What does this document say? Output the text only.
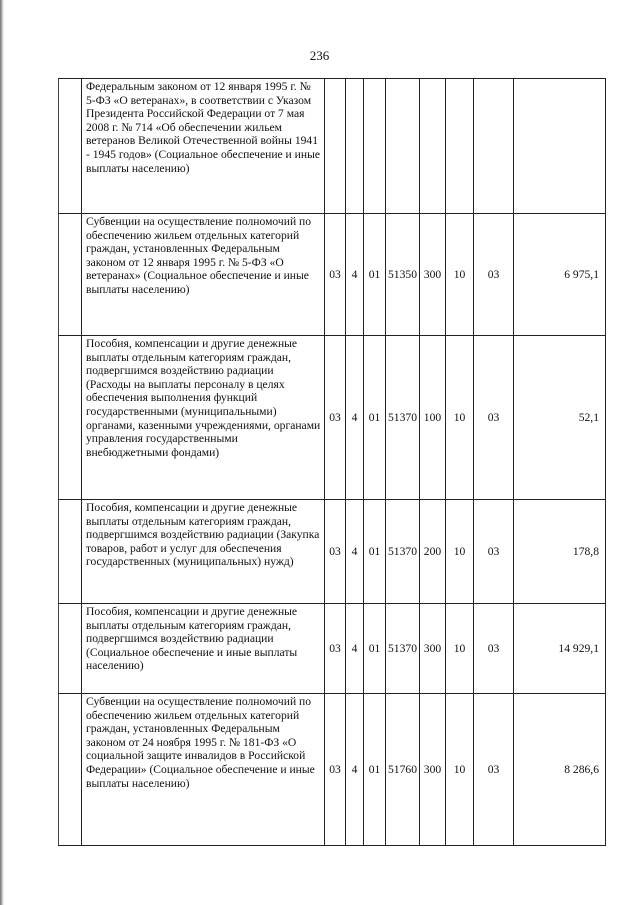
236
	Федеральным законом от 12 января 1995 г. № 5-ФЗ «О ветеранах», в соответствии с Указом Президента Российской Федерации от 7 мая 2008 г. № 714 «Об обеспечении жильем ветеранов Великой Отечественной войны 1941 - 1945 годов» (Социальное обеспечение и иные выплаты населению)								
	Субвенции на осуществление полномочий по обеспечению жильем отдельных категорий граждан, установленных Федеральным законом от 12 января 1995 г. № 5-ФЗ «О ветеранах» (Социальное обеспечение и иные выплаты населению)	03	4	01	51350	300	10	03	6 975,1
	Пособия, компенсации и другие денежные выплаты отдельным категориям граждан, подвергшимся воздействию радиации (Расходы на выплаты персоналу в целях обеспечения выполнения функций государственными (муниципальными) органами, казенными учреждениями, органами управления государственными внебюджетными фондами)	03	4	01	51370	100	10	03	52,1
	Пособия, компенсации и другие денежные выплаты отдельным категориям граждан, подвергшимся воздействию радиации (Закупка товаров, работ и услуг для обеспечения государственных (муниципальных) нужд)	03	4	01	51370	200	10	03	178,8
	Пособия, компенсации и другие денежные выплаты отдельным категориям граждан, подвергшимся воздействию радиации (Социальное обеспечение и иные выплаты населению)	03	4	01	51370	300	10	03	14 929,1
	Субвенции на осуществление полномочий по обеспечению жильем отдельных категорий граждан, установленных Федеральным законом от 24 ноября 1995 г. № 181-ФЗ «О социальной защите инвалидов в Российской Федерации» (Социальное обеспечение и иные выплаты населению)	03	4	01	51760	300	10	03	8 286,6
